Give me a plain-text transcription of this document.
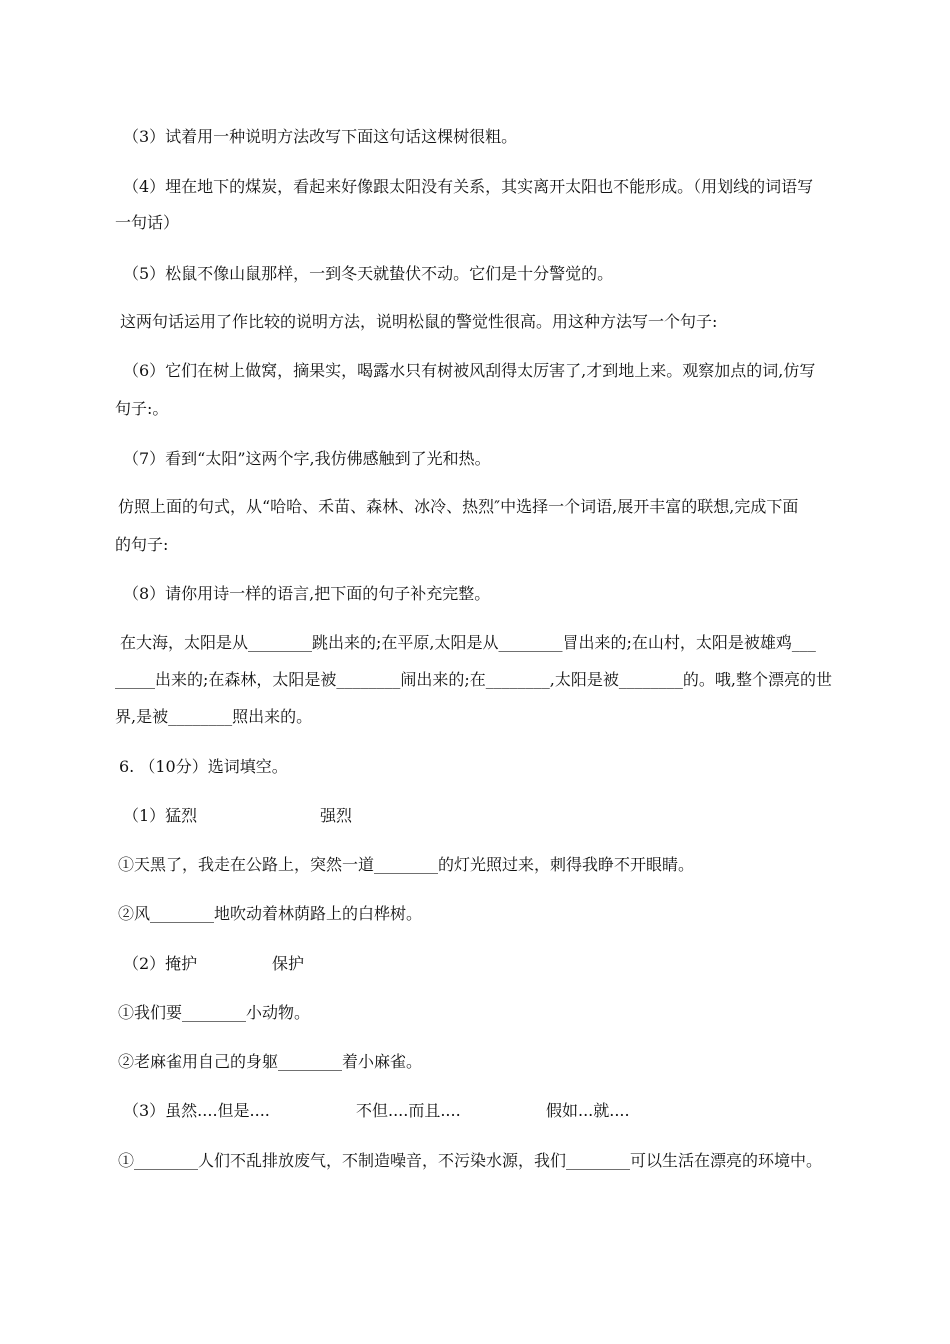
（3）试着用一种说明方法改写下面这句话这棵树很粗。

（4）埋在地下的煤炭，看起来好像跟太阳没有关系，其实离开太阳也不能形成。（用划线的词语写

一句话）

（5）松鼠不像山鼠那样，一到冬天就蛰伏不动。它们是十分警觉的。

这两句话运用了作比较的说明方法，说明松鼠的警觉性很高。用这种方法写一个句子:

（6）它们在树上做窝，摘果实，喝露水只有树被风刮得太厉害了,才到地上来。观察加点的词,仿写

句子:。

（7）看到“太阳”这两个字,我仿佛感触到了光和热。

仿照上面的句式，从“哈哈、禾苗、森林、冰冷、热烈″中选择一个词语,展开丰富的联想,完成下面

的句子:

（8）请你用诗一样的语言,把下面的句子补充完整。

在大海，太阳是从________跳出来的;在平原,太阳是从________冒出来的;在山村，太阳是被雄鸡___

_____出来的;在森林，太阳是被________闹出来的;在________,太阳是被________的。哦,整个漂亮的世

界,是被________照出来的。

6. （10分）选词填空。

（1）猛烈	强烈

①天黑了，我走在公路上，突然一道________的灯光照过来，刺得我睁不开眼睛。

②风________地吹动着林荫路上的白桦树。

（2）掩护	保护

①我们要________小动物。

②老麻雀用自己的身躯________着小麻雀。

（3）虽然....但是....	不但....而且....	假如...就....

①________人们不乱排放废气，不制造噪音，不污染水源，我们________可以生活在漂亮的环境中。
